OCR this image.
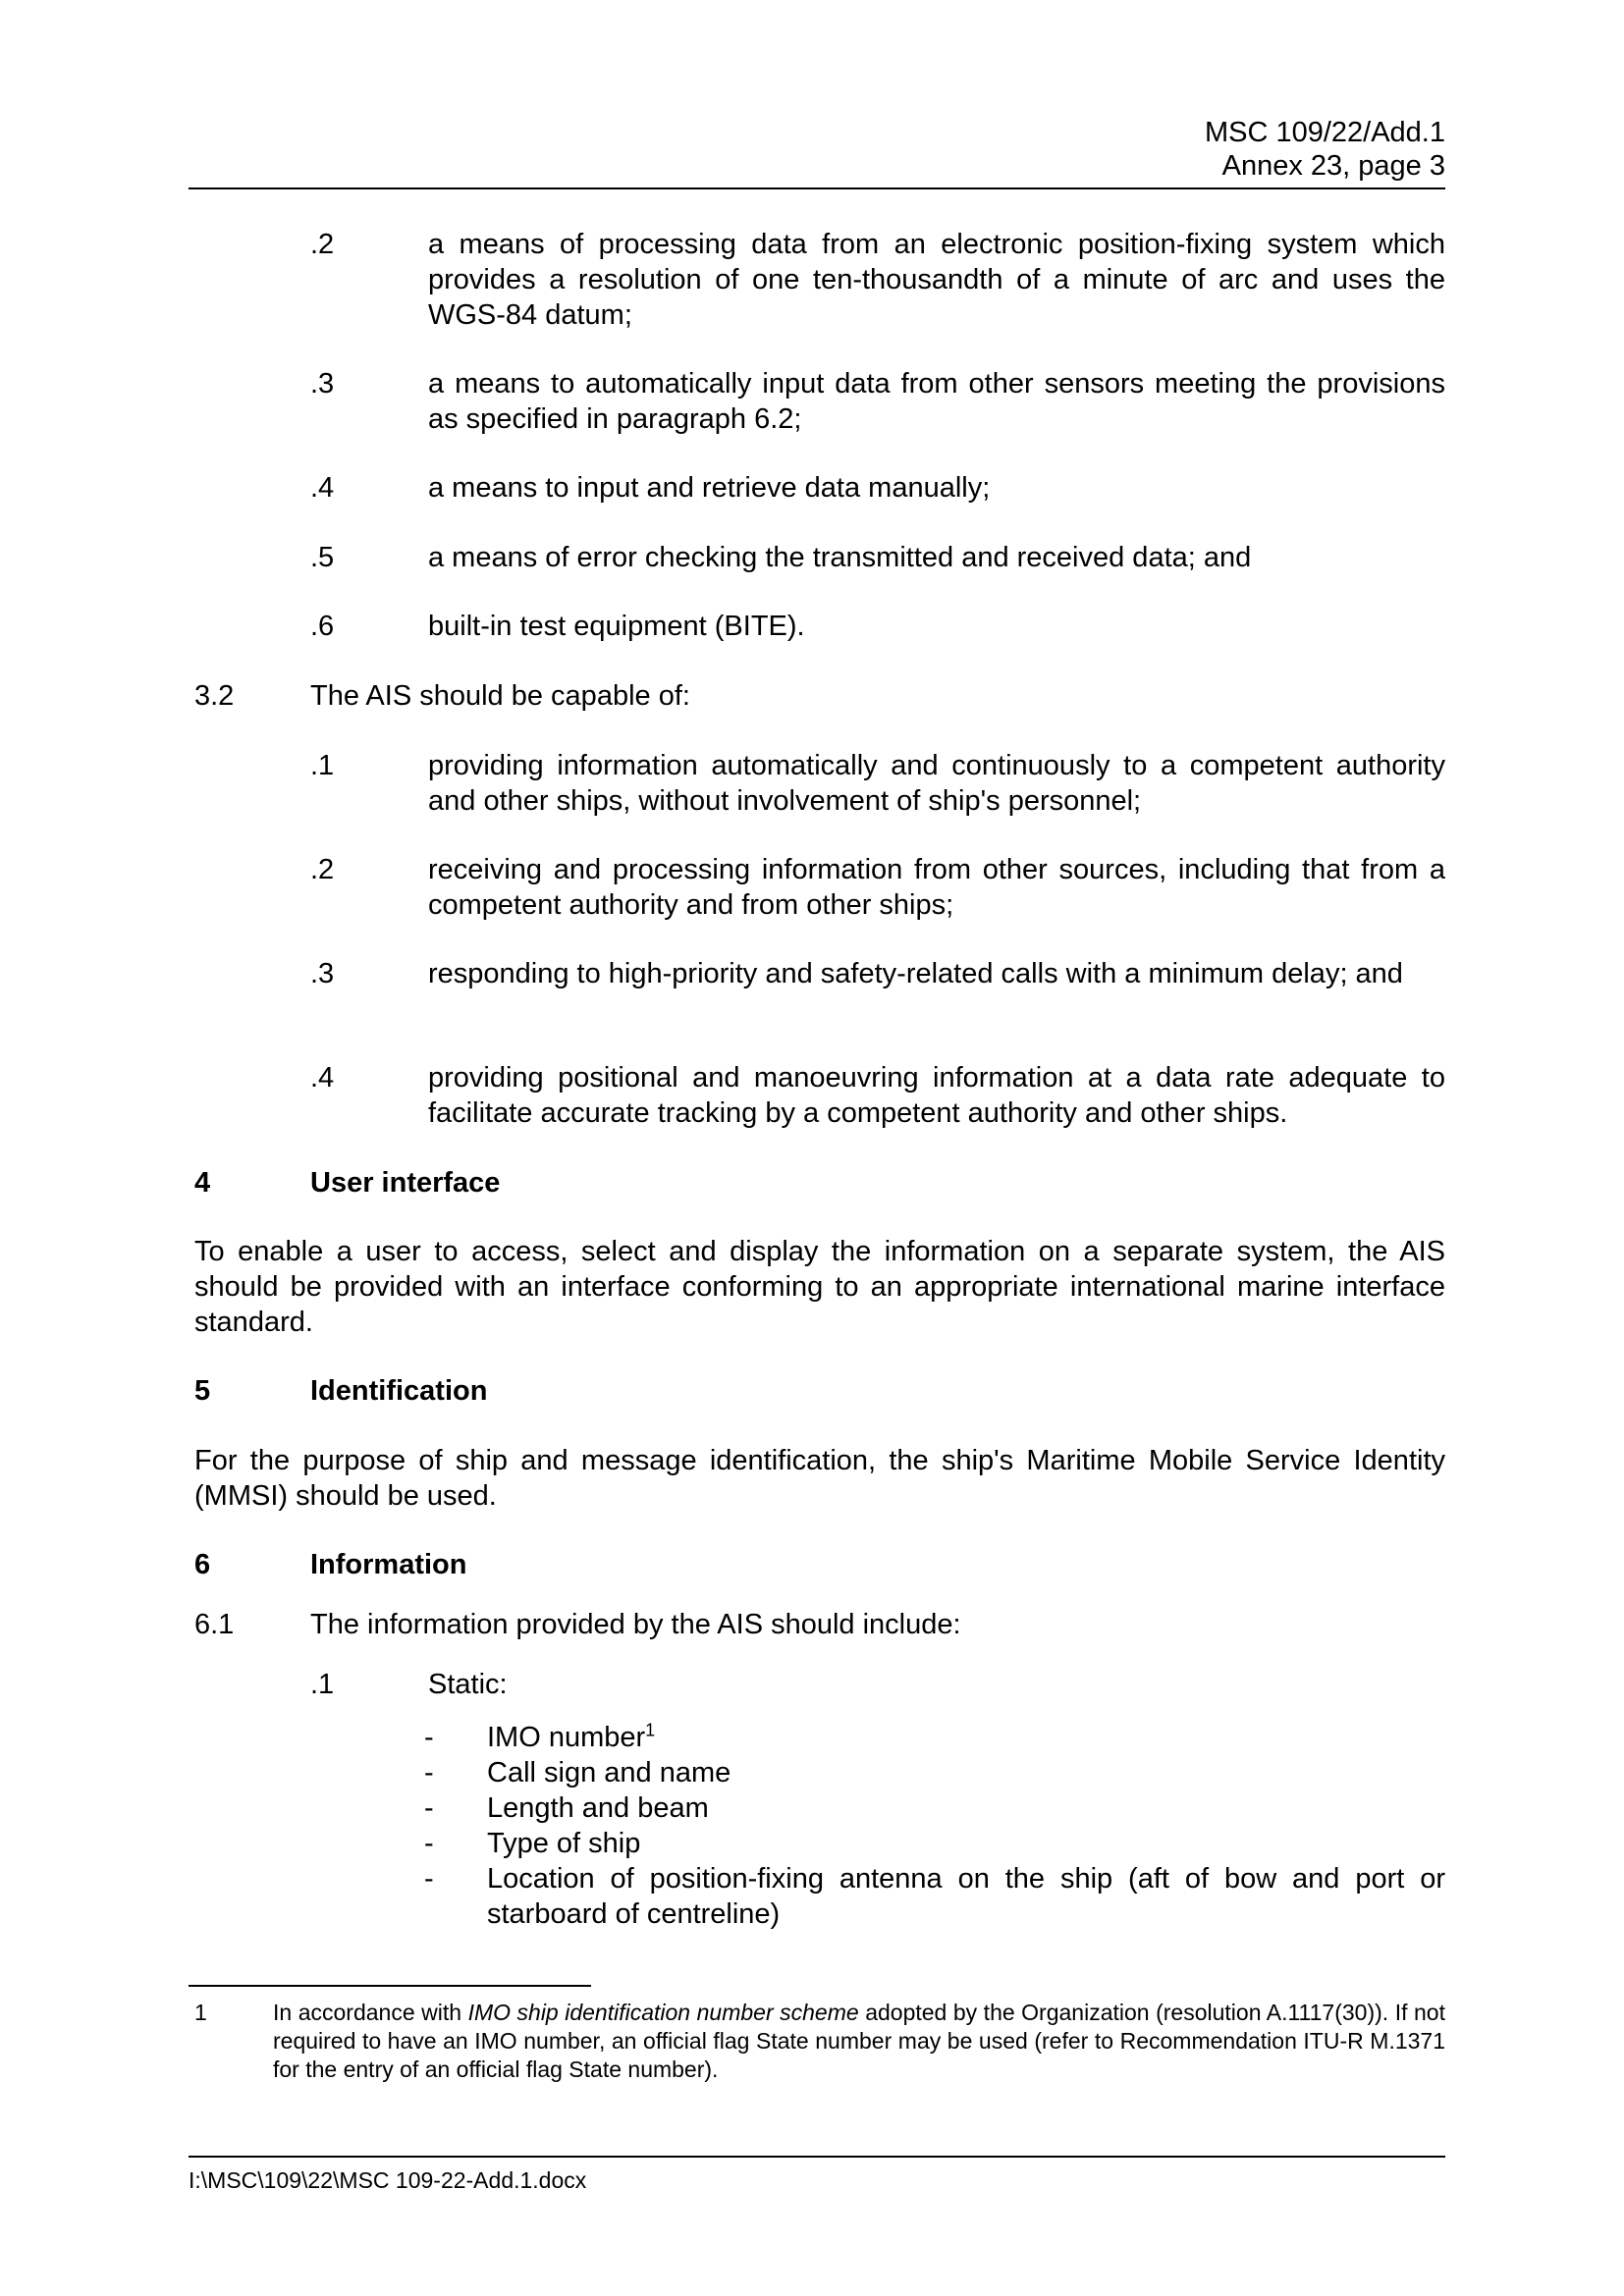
MSC 109/22/Add.1
Annex 23, page 3
.2	a means of processing data from an electronic position-fixing system which provides a resolution of one ten-thousandth of a minute of arc and uses the WGS-84 datum;
.3	a means to automatically input data from other sensors meeting the provisions as specified in paragraph 6.2;
.4	a means to input and retrieve data manually;
.5	a means of error checking the transmitted and received data; and
.6	built-in test equipment (BITE).
3.2	The AIS should be capable of:
.1	providing information automatically and continuously to a competent authority and other ships, without involvement of ship's personnel;
.2	receiving and processing information from other sources, including that from a competent authority and from other ships;
.3	responding to high-priority and safety-related calls with a minimum delay; and
.4	providing positional and manoeuvring information at a data rate adequate to facilitate accurate tracking by a competent authority and other ships.
4	User interface
To enable a user to access, select and display the information on a separate system, the AIS should be provided with an interface conforming to an appropriate international marine interface standard.
5	Identification
For the purpose of ship and message identification, the ship's Maritime Mobile Service Identity (MMSI) should be used.
6	Information
6.1	The information provided by the AIS should include:
.1	Static:
- IMO number$^1$
- Call sign and name
- Length and beam
- Type of ship
- Location of position-fixing antenna on the ship (aft of bow and port or starboard of centreline)
1	In accordance with IMO ship identification number scheme adopted by the Organization (resolution A.1117(30)). If not required to have an IMO number, an official flag State number may be used (refer to Recommendation ITU-R M.1371 for the entry of an official flag State number).
I:\MSC\109\22\MSC 109-22-Add.1.docx
